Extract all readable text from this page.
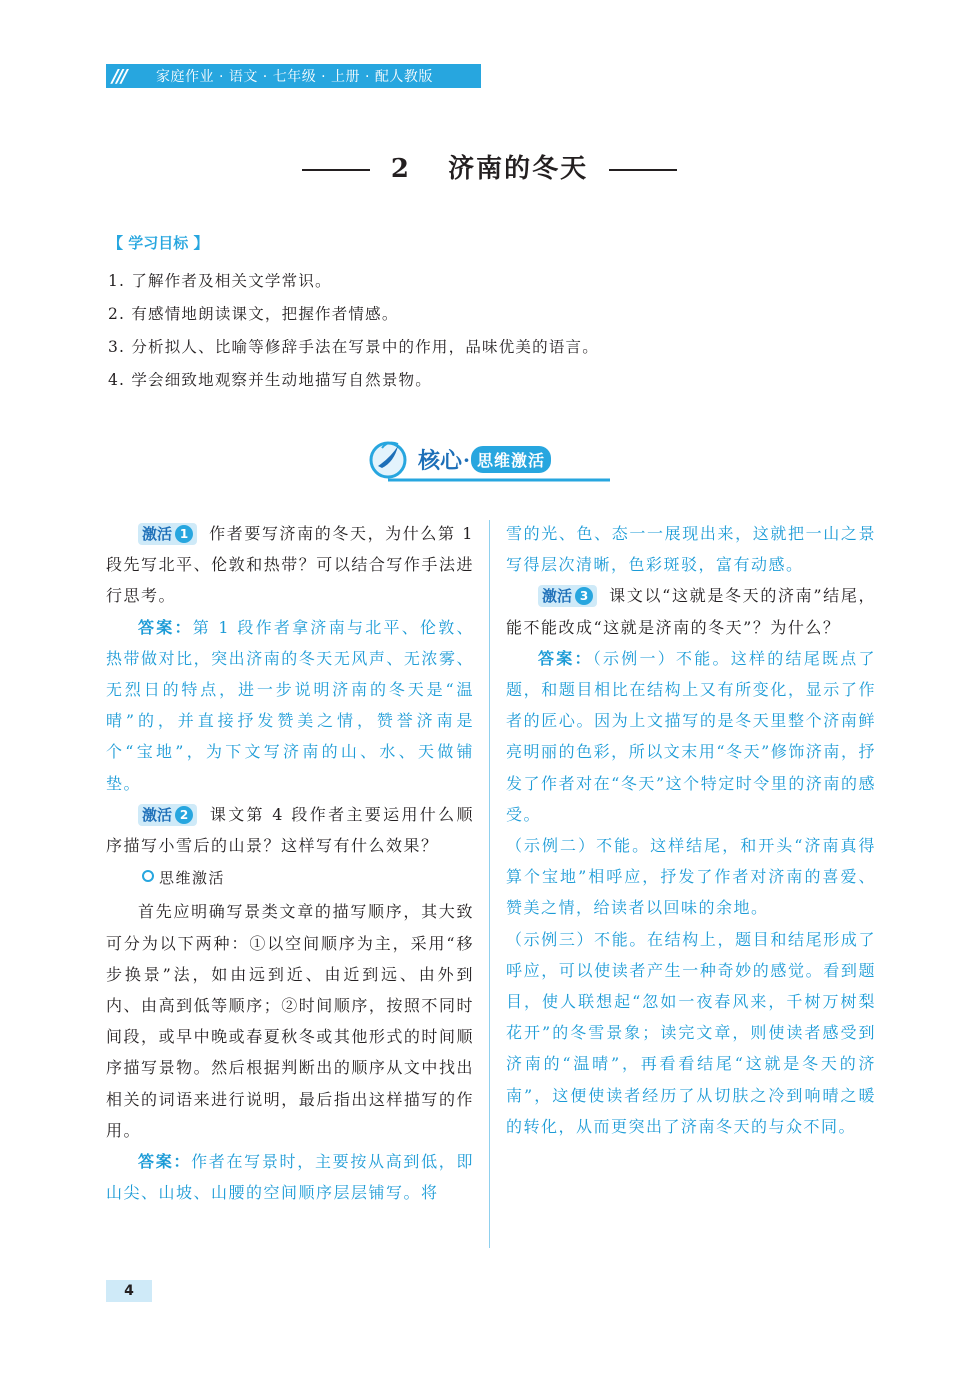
///	家庭作业 · 语文 · 七年级 · 上册 · 配人教版
2 济南的冬天
【 学习目标 】
1. 了解作者及相关文学常识。
2. 有感情地朗读课文，把握作者情感。
3. 分析拟人、比喻等修辞手法在写景中的作用，品味优美的语言。
4. 学会细致地观察并生动地描写自然景物。
核心 · 思维激活

激活 1 作者要写济南的冬天，为什么第 1 段先写北平、伦敦和热带？可以结合写作手法进行思考。

答案：第 1 段作者拿济南与北平、伦敦、热带做对比，突出济南的冬天无风声、无浓雾、无烈日的特点，进一步说明济南的冬天是“温晴”的，并直接抒发赞美之情，赞誉济南是个“宝地”，为下文写济南的山、水、天做铺垫。

激活 2 课文第 4 段作者主要运用什么顺序描写小雪后的山景？这样写有什么效果？

思维激活

首先应明确写景类文章的描写顺序，其大致可分为以下两种：①以空间顺序为主，采用“移步换景”法，如由远到近、由近到远、由外到内、由高到低等顺序；②时间顺序，按照不同时间段，或早中晚或春夏秋冬或其他形式的时间顺序描写景物。然后根据判断出的顺序从文中找出相关的词语来进行说明，最后指出这样描写的作用。

答案：作者在写景时，主要按从高到低，即山尖、山坡、山腰的空间顺序层层铺写。将

雪的光、色、态一一展现出来，这就把一山之景写得层次清晰，色彩斑驳，富有动感。

激活 3 课文以“这就是冬天的济南”结尾，能不能改成“这就是济南的冬天”？为什么？

答案：（示例一）不能。这样的结尾既点了题，和题目相比在结构上又有所变化，显示了作者的匠心。因为上文描写的是冬天里整个济南鲜亮明丽的色彩，所以文末用“冬天”修饰济南，抒发了作者对在“冬天”这个特定时令里的济南的感受。

（示例二）不能。这样结尾，和开头“济南真得算个宝地”相呼应，抒发了作者对济南的喜爱、赞美之情，给读者以回味的余地。

（示例三）不能。在结构上，题目和结尾形成了呼应，可以使读者产生一种奇妙的感觉。看到题目，使人联想起“忽如一夜春风来，千树万树梨花开”的冬雪景象；读完文章，则使读者感受到济南的“温晴”，再看看结尾“这就是冬天的济南”，这便使读者经历了从切肤之冷到响晴之暖的转化，从而更突出了济南冬天的与众不同。

4
